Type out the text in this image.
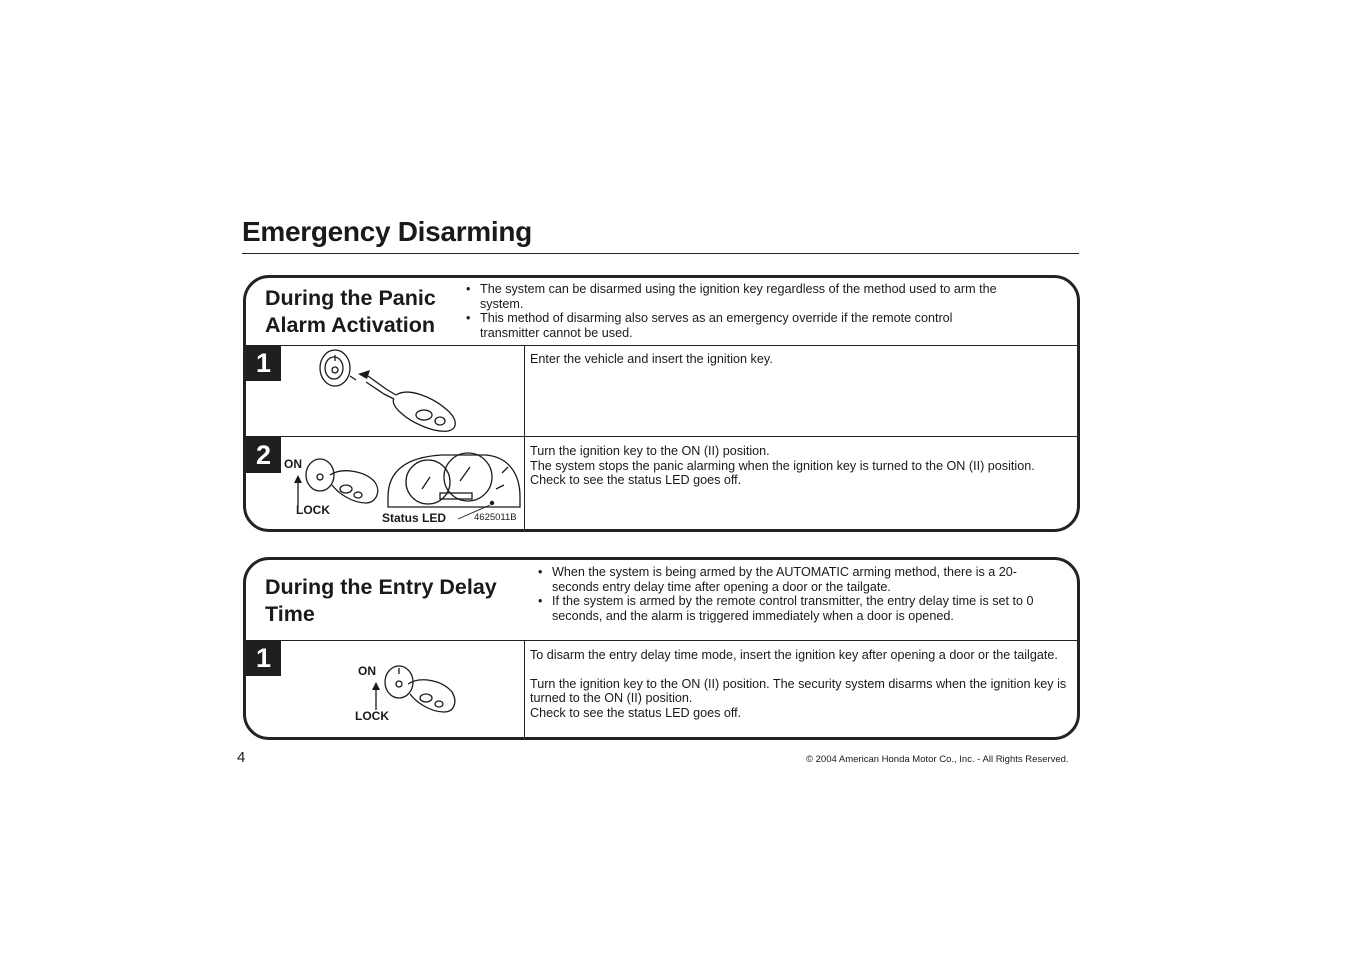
Emergency Disarming
During the Panic Alarm Activation
• The system can be disarmed using the ignition key regardless of the method used to arm the system.
• This method of disarming also serves as an emergency override if the remote control transmitter cannot be used.
1	Enter the vehicle and insert the ignition key.

2	ON
LOCK
Status LED	4625011B

Turn the ignition key to the ON (II) position.

The system stops the panic alarming when the ignition key is turned to the ON (II) position.

Check to see the status LED goes off.

During the Entry Delay Time
• When the system is being armed by the AUTOMATIC arming method, there is a 20-seconds entry delay time after opening a door or the tailgate.
• If the system is armed by the remote control transmitter, the entry delay time is set to 0 seconds, and the alarm is triggered immediately when a door is opened.
1	ON
LOCK

To disarm the entry delay time mode, insert the ignition key after opening a door or the tailgate.

Turn the ignition key to the ON (II) position. The security system disarms when the ignition key is turned to the ON (II) position.

Check to see the status LED goes off.

4	© 2004 American Honda Motor Co., Inc. - All Rights Reserved.
